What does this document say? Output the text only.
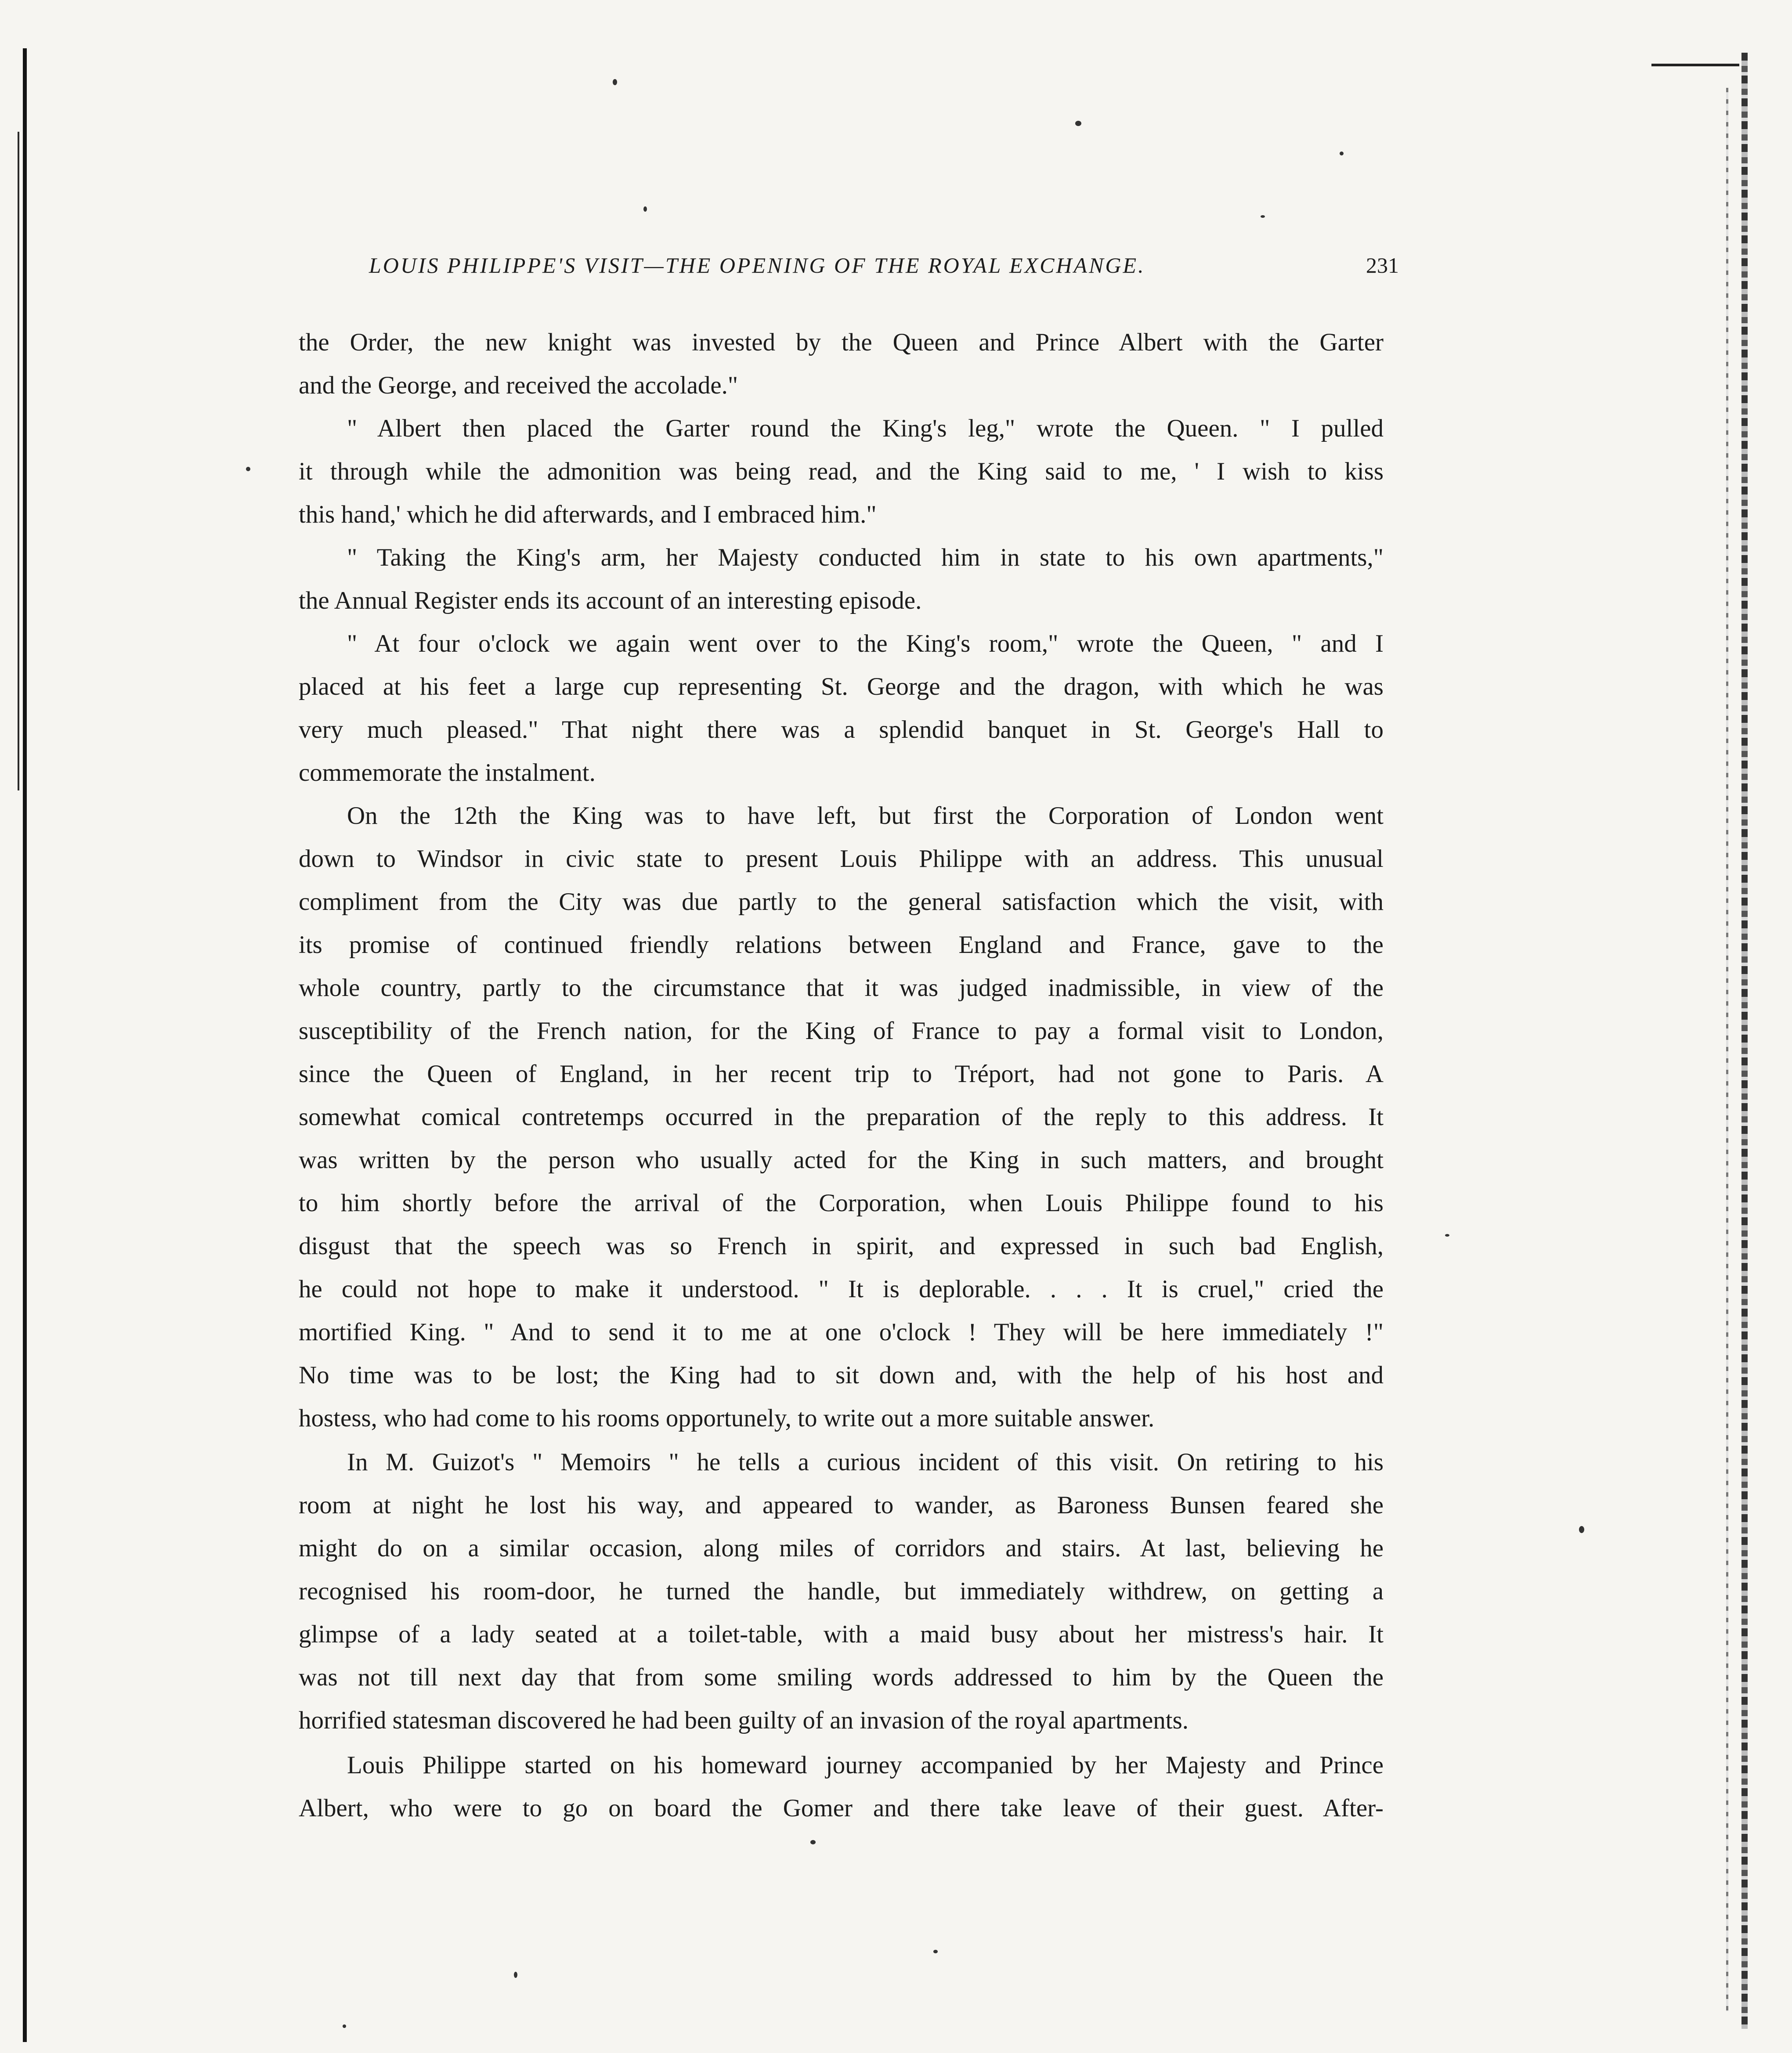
LOUIS PHILIPPE'S VISIT—THE OPENING OF THE ROYAL EXCHANGE.	231
the Order, the new knight was invested by the Queen and Prince Albert with the Garter
and the George, and received the accolade."
" Albert then placed the Garter round the King's leg," wrote the Queen. " I pulled
it through while the admonition was being read, and the King said to me, ' I wish to kiss
this hand,' which he did afterwards, and I embraced him."
" Taking the King's arm, her Majesty conducted him in state to his own apartments,"
the Annual Register ends its account of an interesting episode.
" At four o'clock we again went over to the King's room," wrote the Queen, " and I
placed at his feet a large cup representing St. George and the dragon, with which he was
very much pleased." That night there was a splendid banquet in St. George's Hall to
commemorate the instalment.
On the 12th the King was to have left, but first the Corporation of London went
down to Windsor in civic state to present Louis Philippe with an address. This unusual
compliment from the City was due partly to the general satisfaction which the visit, with
its promise of continued friendly relations between England and France, gave to the
whole country, partly to the circumstance that it was judged inadmissible, in view of the
susceptibility of the French nation, for the King of France to pay a formal visit to London,
since the Queen of England, in her recent trip to Tréport, had not gone to Paris. A
somewhat comical contretemps occurred in the preparation of the reply to this address. It
was written by the person who usually acted for the King in such matters, and brought
to him shortly before the arrival of the Corporation, when Louis Philippe found to his
disgust that the speech was so French in spirit, and expressed in such bad English,
he could not hope to make it understood. " It is deplorable. . . . It is cruel," cried the
mortified King. " And to send it to me at one o'clock ! They will be here immediately !"
No time was to be lost; the King had to sit down and, with the help of his host and
hostess, who had come to his rooms opportunely, to write out a more suitable answer.
In M. Guizot's " Memoirs " he tells a curious incident of this visit. On retiring to his
room at night he lost his way, and appeared to wander, as Baroness Bunsen feared she
might do on a similar occasion, along miles of corridors and stairs. At last, believing he
recognised his room-door, he turned the handle, but immediately withdrew, on getting a
glimpse of a lady seated at a toilet-table, with a maid busy about her mistress's hair. It
was not till next day that from some smiling words addressed to him by the Queen the
horrified statesman discovered he had been guilty of an invasion of the royal apartments.
Louis Philippe started on his homeward journey accompanied by her Majesty and Prince
Albert, who were to go on board the Gomer and there take leave of their guest. After-
